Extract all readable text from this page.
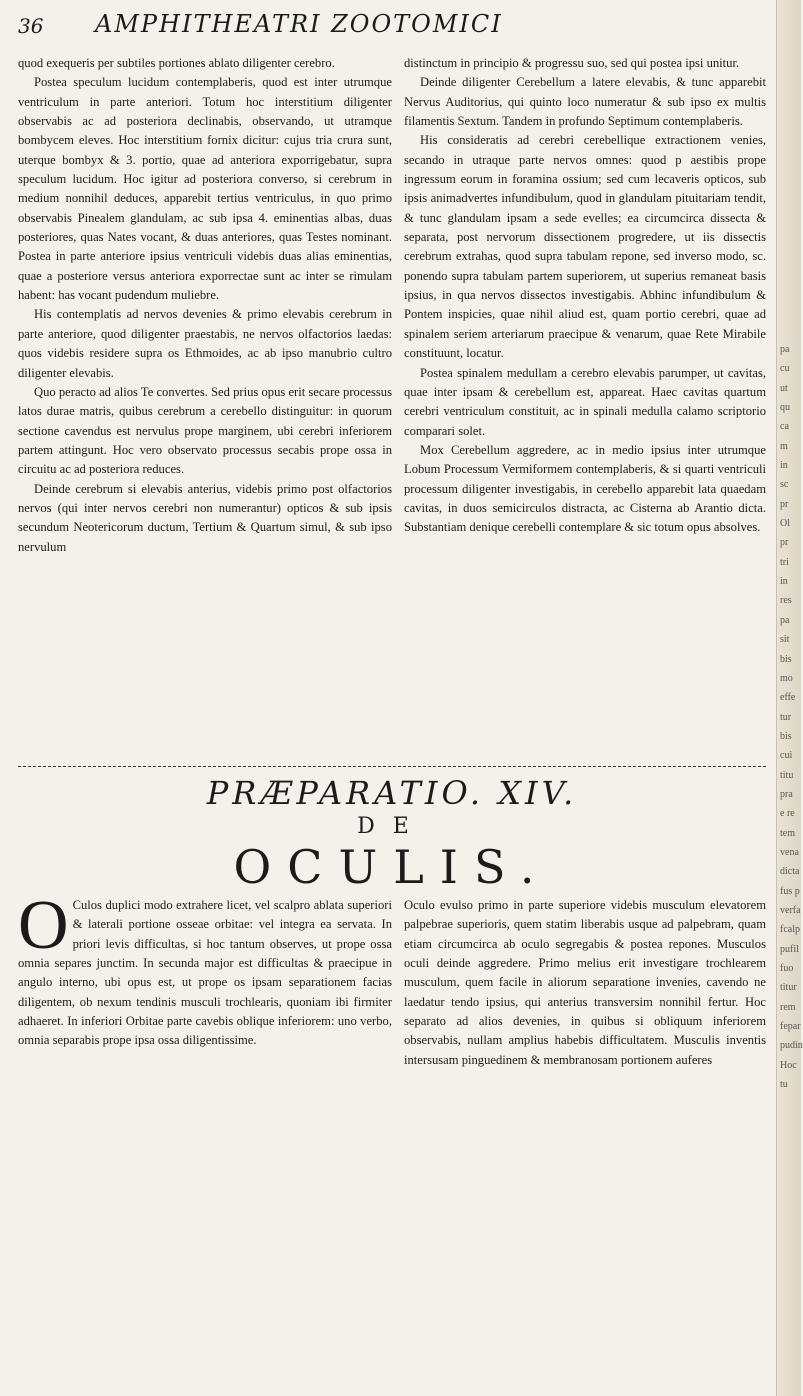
36 AMPHITHEATRI ZOOTOMICI

quod exequeris per subtiles portiones ablato diligenter cerebro.

Postea speculum lucidum contemplaberis, quod est inter utrumque ventriculum in parte anteriori. Totum hoc interstitium diligenter observabis ac ad posteriora declinabis, observando, ut utramque bombycem eleves. Hoc interstitium fornix dicitur: cujus tria crura sunt, uterque bombyx & 3. portio, quae ad anteriora exporrigebatur, supra speculum lucidum. Hoc igitur ad posteriora converso, si cerebrum in medium nonnihil deduces, apparebit tertius ventriculus, in quo primo observabis Pinealem glandulam, ac sub ipsa 4. eminentias albas, duas posteriores, quas Nates vocant, & duas anteriores, quas Testes nominant. Postea in parte anteriore ipsius ventriculi videbis duas alias eminentias, quae a posteriore versus anteriora exporrectae sunt ac inter se rimulam habent: has vocant pudendum muliebre.

His contemplatis ad nervos devenies & primo elevabis cerebrum in parte anteriore, quod diligenter praestabis, ne nervos olfactorios laedas: quos videbis residere supra os Ethmoides, ac ab ipso manubrio cultro diligenter elevabis.

Quo peracto ad alios Te convertes. Sed prius opus erit secare processus latos durae matris, quibus cerebrum a cerebello distinguitur: in quorum sectione cavendus est nervulus prope marginem, ubi cerebri inferiorem partem attingunt. Hoc vero observato processus secabis prope ossa in circuitu ac ad posteriora reduces.

Deinde cerebrum si elevabis anterius, videbis primo post olfactorios nervos (qui inter nervos cerebri non numerantur) opticos & sub ipsis secundum Neotericorum ductum, Tertium & Quartum simul, & sub ipso nervulum

distinctum in principio & progressu suo, sed qui postea ipsi unitur.

Deinde diligenter Cerebellum a latere elevabis, & tunc apparebit Nervus Auditorius, qui quinto loco numeratur & sub ipso ex multis filamentis Sextum. Tandem in profundo Septimum contemplaberis.

His consideratis ad cerebri cerebellique extractionem venies, secando in utraque parte nervos omnes: quod p aestibis prope ingressum eorum in foramina ossium; sed cum lecaveris opticos, sub ipsis animadvertes infundibulum, quod in glandulam pituitariam tendit, & tunc glandulam ipsam a sede evelles; ea circumcirca dissecta & separata, post nervorum dissectionem progredere, ut iis dissectis cerebrum extrahas, quod supra tabulam repone, sed inverso modo, sc. ponendo supra tabulam partem superiorem, ut superius remaneat basis ipsius, in qua nervos dissectos investigabis. Abhinc infundibulum & Pontem inspicies, quae nihil aliud est, quam portio cerebri, quae ad spinalem seriem arteriarum praecipue & venarum, quae Rete Mirabile constituunt, locatur.

Postea spinalem medullam a cerebro elevabis parumper, ut cavitas, quae inter ipsam & cerebellum est, appareat. Haec cavitas quartum cerebri ventriculum constituit, ac in spinali medulla calamo scriptorio comparari solet.

Mox Cerebellum aggredere, ac in medio ipsius inter utrumque Lobum Processum Vermiformem contemplaberis, & si quarti ventriculi processum diligenter investigabis, in cerebello apparebit lata quaedam cavitas, in duos semicirculos distracta, ac Cisterna ab Arantio dicta. Substantiam denique cerebelli contemplare & sic totum opus absolves.

PRÆPARATIO. XIV.
DE
OCULIS.

O Culos duplici modo extrahere licet, vel scalpro ablata superiori & laterali portione osseae orbitae: vel integra ea servata. In priori levis difficultas, si hoc tantum observes, ut prope ossa omnia separes junctim. In secunda major est difficultas & praecipue in angulo interno, ubi opus est, ut prope os ipsam separationem facias diligentem, ob nexum tendinis musculi trochlearis, quoniam ibi firmiter adhaeret. In inferiori Orbitae parte cavebis oblique inferiorem: uno verbo, omnia separabis prope ipsa ossa diligentissime.

Oculo evulso primo in parte superiore videbis musculum elevatorem palpebrae superioris, quem statim liberabis usque ad palpebram, quam etiam circumcirca ab oculo segregabis & postea repones. Musculos oculi deinde aggredere. Primo melius erit investigare trochlearem musculum, quem facile in aliorum separatione invenies, cavendo ne laedatur tendo ipsius, qui anterius transversim nonnihil fertur. Hoc separato ad alios devenies, in quibus si obliquum inferiorem observabis, nullam amplius habebis difficultatem. Musculis inventis intersusam pinguedinem & membranosam portionem auferes

pa
cu
ut
qu
ca
m
in
sc
pr
Ol
pr
tri
in
res
pa
sit
bis
mo
effe
tur
bis
cui
titu
pra
e re
tem
vena
dicta
fus p
verfa
fcalp
pufil
fuo
titur
rem
fepar
pudin
Hoc
tu
